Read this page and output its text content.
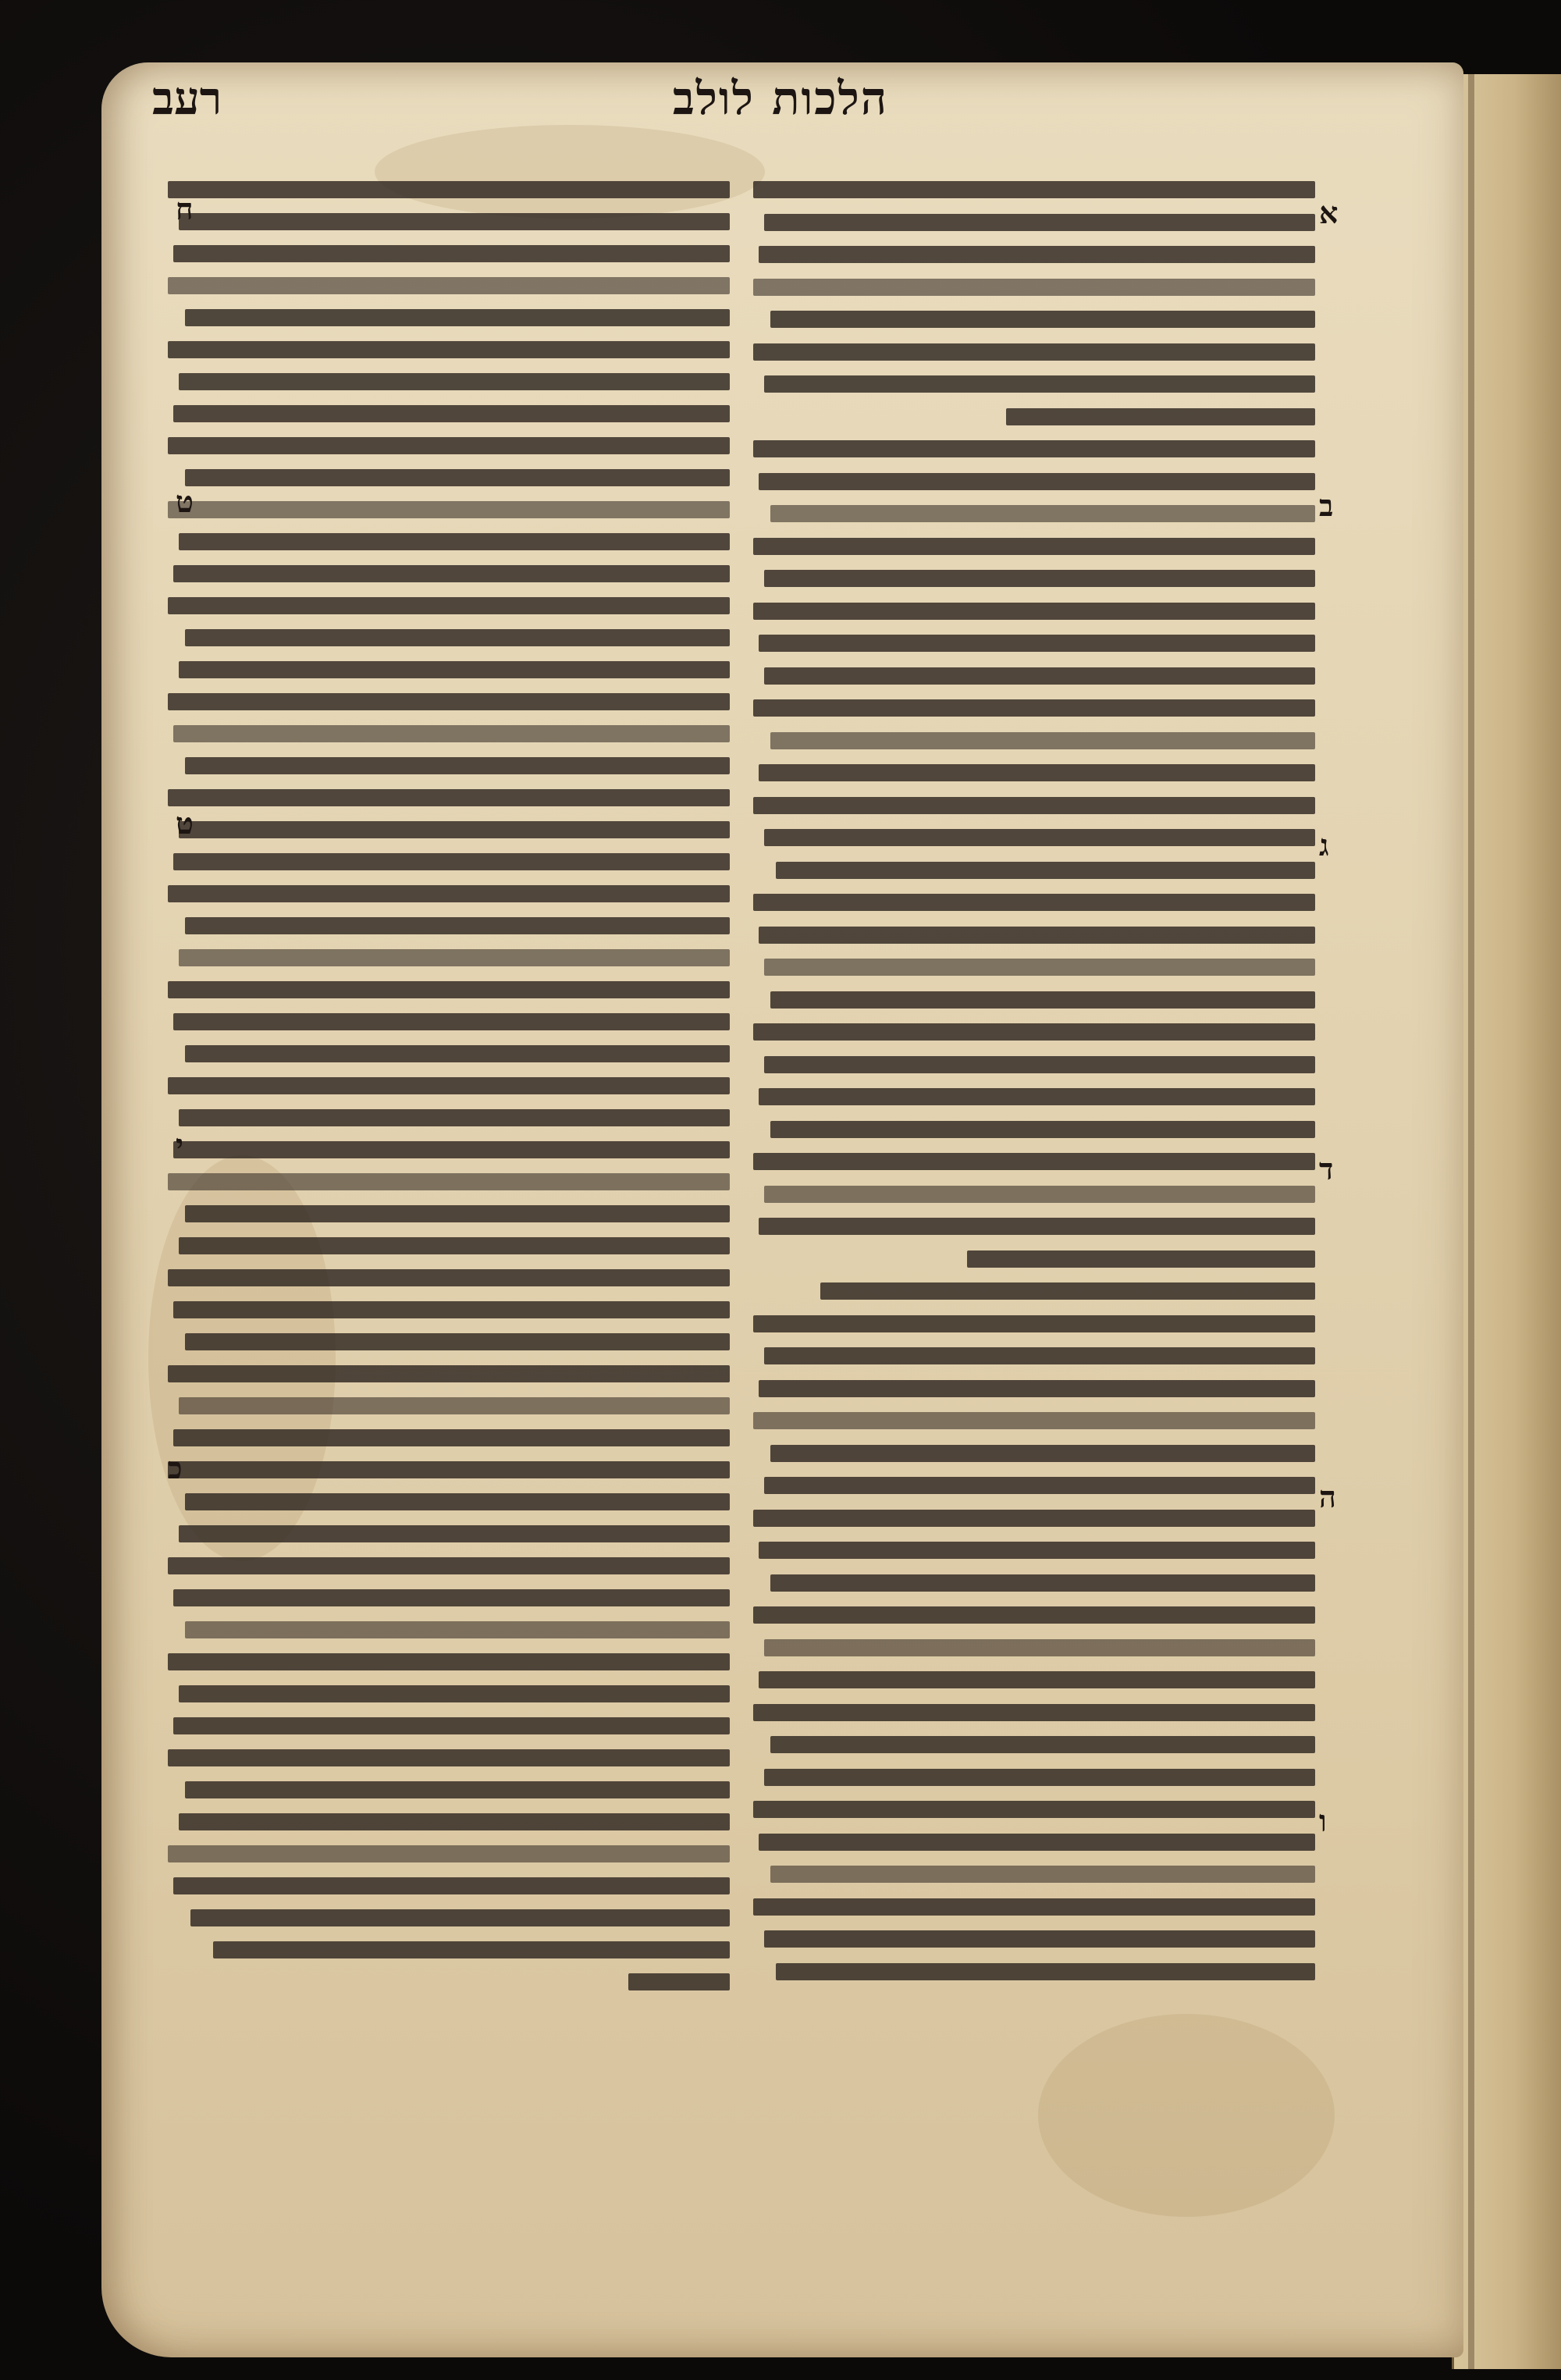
הלכות לולב
רעב
א
ב
ג
ד
ה
ו
ח
ט
ט
י
כ
